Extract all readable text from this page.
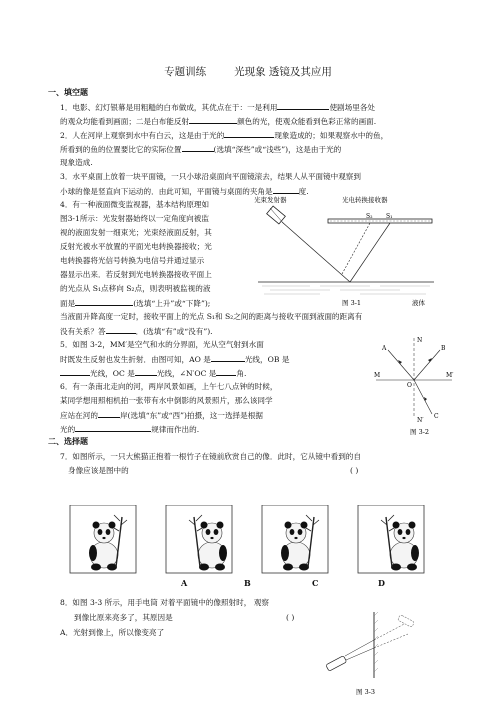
专题训练	光现象 透镜及其应用
一、填空题
1．电影、幻灯银幕是用粗糙的白布做成，其优点在于：一是利用	使剧场里各处
的观众均能看到画面；二是白布能反射	颜色的光，使观众能看到色彩正常的画面.
2．人在河岸上观察到水中有白云，这是由于光的	现象造成的；如果观察水中的鱼，
所看到的鱼的位置要比它的实际位置	(选填“深些”或“浅些”)，这是由于光的
现象造成.
3．水平桌面上放着一块平面镜，一只小球沿桌面向平面镜滚去，结果人从平面镜中观察到
小球的像是竖直向下运动的．由此可知，平面镜与桌面的夹角是	度.
4．有一种液面微变监视器，基本结构原理如
图3-1所示：光发射器始终以一定角度向被监
视的液面发射一细束光；光束经液面反射，其
反射光被水平放置的平面光电转换器接收；光
电转换器将光信号转换为电信号并通过显示
器显示出来．若反射到光电转换器接收平面上
的光点从 S₁点移向 S₂点，则表明被监视的液
面是	(选填“上升”或“下降”);
当液面升降高度一定时，接收平面上的光点 S₁和 S₂之间的距离与接收平面到液面的距离有
没有关系？答	．(选填“有”或“没有”).
光束发射器	光电转换接收器
S₂ S₁
液体
图 3-1
5．如图 3-2，MM′是空气和水的分界面，光从空气射到水面
时既发生反射也发生折射．由图可知，AO 是	光线，OB 是
光线，OC 是	光线，∠N′OC 是	角.
6．有一条南北走向的河，两岸风景如画，上午七八点钟的时候，
某同学想用照相机拍一张带有水中倒影的风景照片，那么该同学
应站在河的	岸(选填“东”或“西”)拍摄，这一选择是根据
光的	规律而作出的.
N
N′
M	M′
A	B
C
O
图 3-2
二、选择题
7．如图所示，一只大熊猫正抱着一根竹子在镜前欣赏自己的像．此时，它从镜中看到的自
身像应该是图中的	( )
A	B	C	D
8．如图 3-3 所示，用手电筒 对着平面镜中的像照射时， 观察
到像比原来亮多了，其原因是	( )
A．光射到像上，所以像变亮了
图 3-3
